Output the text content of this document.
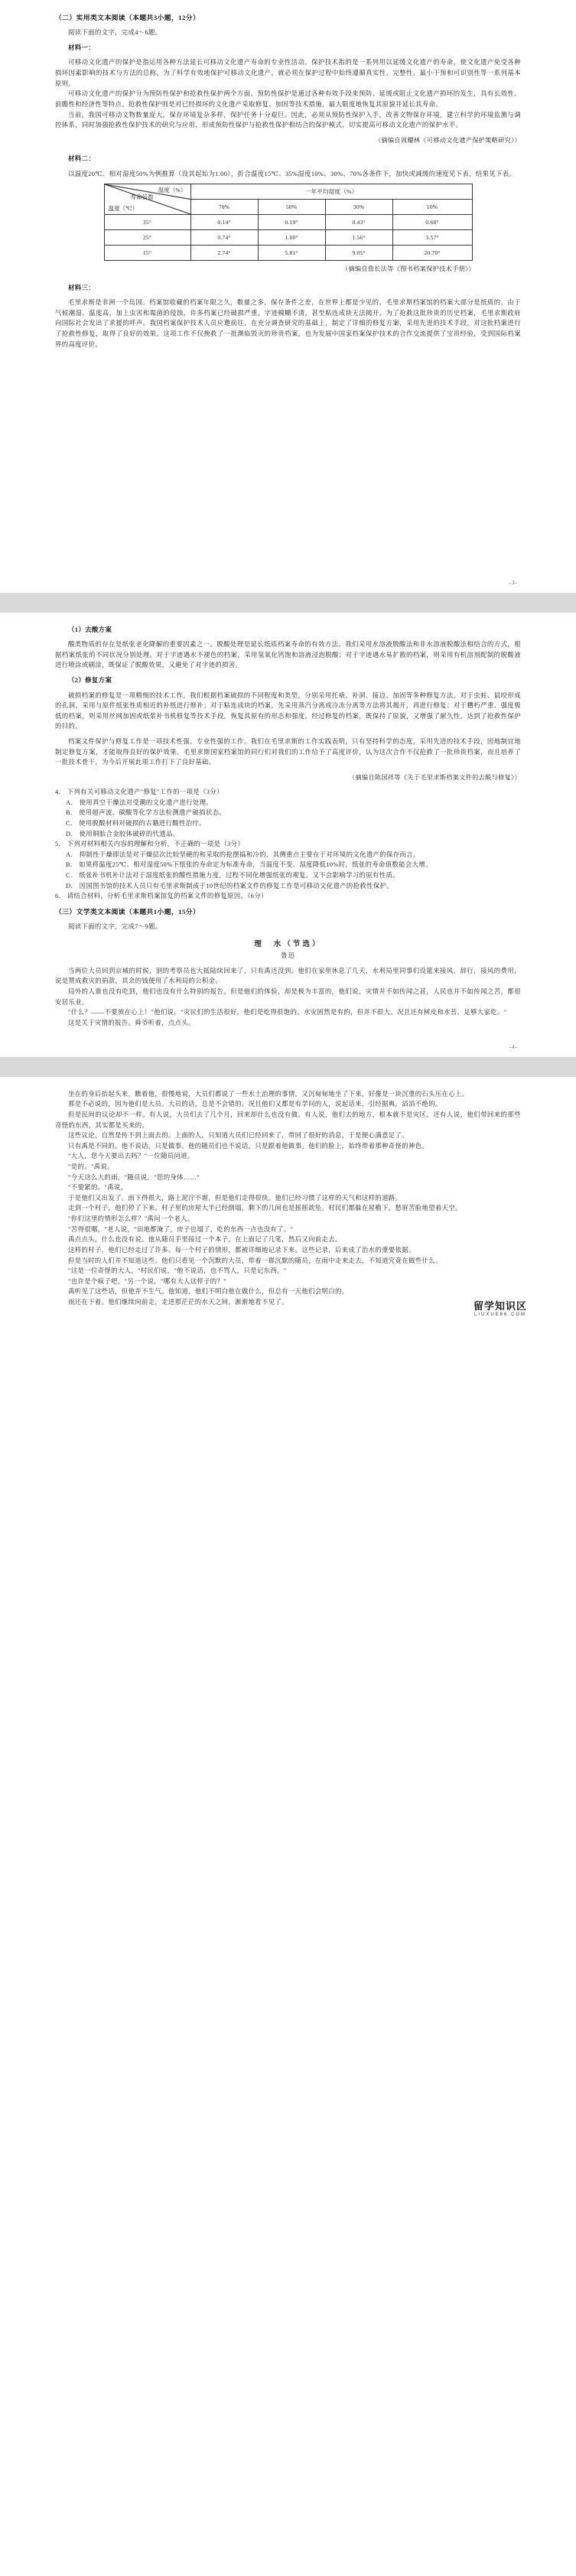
（二）实用类文本阅读（本题共3小题，12分）

阅读下面的文字，完成4～6题。

材料一：

可移动文化遗产的保护是指运用各种方法延长可移动文化遗产寿命的专业性活动。保护技术指的是一系列用以延缓文化遗产的寿命，使文化遗产免受各种损坏因素影响的技术与方法的总称。为了科学有效地保护可移动文化遗产，就必须在保护过程中始终遵循真实性、完整性、最小干预和可识别性等一系列基本原则。

可移动文化遗产的保护分为预防性保护和抢救性保护两个方面。预防性保护是通过各种有效手段来预防、延缓或阻止文化遗产损坏的发生，具有长效性、前瞻性和经济性等特点。抢救性保护则是对已经损坏的文化遗产采取修复、加固等技术措施，最大限度地恢复其原貌并延长其寿命。

当前，我国可移动文物数量庞大，保存环境复杂多样，保护任务十分艰巨。因此，必须从预防性保护入手，改善文物保存环境，建立科学的环境监测与调控体系，同时加强抢救性保护技术的研究与应用，形成预防性保护与抢救性保护相结合的保护模式，切实提高可移动文化遗产的保护水平。

（摘编自周耀林《可移动文化遗产保护策略研究》）

材料二：

以温度20℃、相对湿度50%为例推算（设其起始为1.00），折合温度15℃、35%湿度10%、30%、70%各条件下，加快或减缓的速度见下表，结果见下表。

湿度（%）
寿命倍数
温度（℃）	一年平均湿度（%）			
	70%	50%	30%	10%
35°	0.14°	0.19°	0.43°	0.68°
25°	0.74°	1.00°	1.56°	3.57°
15°	2.74°	5.81°	9.05°	20.70°

（摘编自詹长法等《图书档案保护技术手册》）

材料三：

毛里求斯是非洲一个岛国。档案馆收藏的档案年限之久，数量之多，保存条件之差，在世界上都是少见的。毛里求斯档案馆的档案大部分是纸质的，由于气候潮湿、温度高，加上虫害和霉菌的侵蚀，许多档案已经破损严重，字迹模糊不清，甚至粘连成块无法揭开。为了抢救这批珍贵的历史档案，毛里求斯政府向国际社会发出了求援的呼声。我国档案保护技术人员应邀前往，在充分调查研究的基础上，制定了详细的修复方案，采用先进的技术手段，对这批档案进行了抢救性修复，取得了良好的效果。这项工作不仅挽救了一批濒临毁灭的珍贵档案，也为发展中国家档案保护技术的合作交流提供了宝贵经验，受到国际档案界的高度评价。

-3-

（1）去酸方案

酸类物质的存在是纸张老化降解的重要因素之一。脱酸处理是延长纸质档案寿命的有效方法。我们采用水溶液脱酸法和非水溶液脱酸法相结合的方式，根据档案纸张的不同状况分别处理。对于字迹遇水不褪色的档案，采用氢氧化钙饱和溶液浸泡脱酸；对于字迹遇水易扩散的档案，则采用有机溶剂配制的脱酸液进行喷涂或刷涂，既保证了脱酸效果，又避免了对字迹的损害。

（2）修复方案

破损档案的修复是一项精细的技术工作。我们根据档案破损的不同程度和类型，分别采用托裱、补洞、接边、加固等多种修复方法。对于虫蛀、鼠咬形成的孔洞，采用与原件纸张性质相近的补纸进行修补；对于粘连成块的档案，先采用蒸汽分离或冷冻分离等方法将其揭开，再进行修复；对于糟朽严重、强度极低的档案，则采用丝网加固或纸浆补书机修复等技术手段，恢复其原有的形态和强度。经过修复的档案，既保持了原貌，又增强了耐久性，达到了抢救性保护的目的。

档案文件保护与修复工作是一项技术性强、专业性强的工作。我们在毛里求斯的工作实践表明，只有坚持科学的态度，采用先进的技术手段，因地制宜地制定修复方案，才能取得良好的保护效果。毛里求斯国家档案馆的同行们对我们的工作给予了高度评价，认为这次合作不仅抢救了一批珍贵档案，而且培养了一批技术骨干，为今后开展此项工作打下了良好基础。

（摘编自陈国祥等《关于毛里求斯档案文件的去酸与修复》）

4． 下列有关可移动文化遗产"修复"工作的一项是（3分）

A． 使用真空干燥法对受潮的文化遗产进行处理。

B． 使用超声波、碳酸等化学方法检测遗产破损状态。

C． 使用脱酸材料对破损的古籍进行酸性治疗。

D． 使用铜胎合金胶体破碎的代遗品。

5． 下列对材料相关内容的理解和分析，不正确的一项是（3分）

A． 抑制性干燥即法是对干燥层次比较坚硬的和采取的抢摆搞和冷的，其侧重点主要在于对环境的文化遗产的保存而言。

B． 如果将温度25℃、相对湿度50%下纸张的寿命定为标准寿命，当温度不变、湿度降低10%时，纸张的寿命值数能会大增。

C． 纸张补书机补计法对于湿度纸张的酸性措施力度，过程不同化增强纸张的观复，又不会影响学习的原有性质。

D． 因国图书馆的技术人员只有毛里求斯制成于10世纪的档案文件的修复工作是可移动文化遗产的抢救性保护。

6． 请结合材料，分析毛里求斯档案馆复的档案文件的修复原因。（6分）

（三）文学类文本阅读（本题共1小题，15分）

阅读下面的文字，完成7～9题。

理　水（节选）

鲁迅

当两位大员回到京城的时候，别的考察员也大抵陆续回来了，只有禹还没到。他们在家里休息了几天，水利局里同事们设筵来接风，辞行，接风的费用，说是赞成救灾的捐款，其余的钱便用了水利局的公积金。

局外的人谁也没有吃到，他们也没有什么特别的报告。但是他们的体验，却是极为丰富的，他们说，灾情并不如传闻之甚，人民也并不如传闻之苦，都很安居乐业。

"什么？——不要放在心上！"他们说，"灾民们的生活很好，他们是吃得很饱的。水灾固然是有的，但并不很大。况且还有树皮和水苔，足够大家吃。"

这是关于灾情的报告。舜爷听着，点点头。

-4-

坐在的身后抬起头来，瞧着他，很慢地说，大员们都说了一些水土治理的事情，又沉甸甸地坐了下来，好像是一块沉重的石头压在心上。

那是不必说的，因为他们是大员。大员的话，总是不会错的。况且他们又都是有学问的人，说起话来，引经据典，滔滔不绝的。

但是民间的议论却不一样。有人说，大员们去了几个月，回来却什么也没有做。有人说，他们去的地方，根本就不是灾区。还有人说，他们带回来的那些奇怪的东西，其实都是买来的。

这些议论，自然是传不到上面去的。上面的人，只知道大员们已经回来了，带回了很好的消息，于是便心满意足了。

只有禹是不同的。他不说话，只是做事。他的随员们也不说话，只是跟着他做事。他们的脸上，始终带着那种奇怪的神色。

"大人，您今天要出去吗？"一位随员问道。

"是的。"禹说。

"今天这么大的雨，"随员说，"您的身体……"

"不要紧的。"禹说。

于是他们又出发了。雨下得很大，路上泥泞不堪，但是他们走得很快。他们已经习惯了这样的天气和这样的道路。

走到一个村子，他们停了下来。村子里的房屋大半已经倒塌，剩下的几间也是摇摇欲坠。村民们都躲在屋檐下，愁眉苦脸地望着天空。

"你们这里的情形怎么样？"禹问一个老人。

"苦得很哪，"老人说，"田地都淹了，房子也塌了，吃的东西一点也没有了。"

禹点点头，什么也没有说。他从随员手里接过一个本子，在上面记了几笔，然后又向前走去。

这样的村子，他们已经走过了许多。每一个村子的情形，都被详细地记录下来。这些记录，后来成了治水的重要依据。

但是当时的人们并不知道这些。他们只看见一个沉默的大员，带着一群沉默的随员，在雨中走来走去，不知道究竟在做些什么。

"这是一位奇怪的大人，"村民们说，"他不说话，也不骂人，只是记东西。"

"也许是个疯子吧，"另一个说，"哪有大人这样子的？"

禹听见了这些话，但他并不生气。他知道，他们不明白他在做什么，但总有一天他们会明白的。

雨还在下着。他们继续向前走，走进那茫茫的水天之间，渐渐地看不见了。	留学知识区
LIUXUE86.COM
